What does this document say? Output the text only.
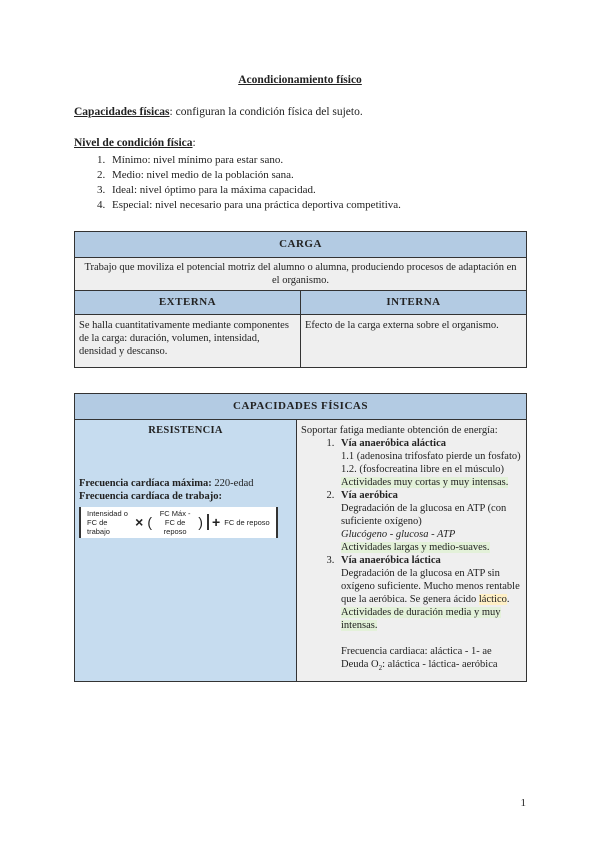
Acondicionamiento físico
Capacidades físicas: configuran la condición física del sujeto.
Nivel de condición física:
1. Mínimo: nivel mínimo para estar sano.
2. Medio: nivel medio de la población sana.
3. Ideal: nivel óptimo para la máxima capacidad.
4. Especial: nivel necesario para una práctica deportiva competitiva.
CARGA	
Trabajo que moviliza el potencial motriz del alumno o alumna, produciendo procesos de adaptación en el organismo.	
EXTERNA	INTERNA
Se halla cuantitativamente mediante componentes de la carga: duración, volumen, intensidad, densidad y descanso.	Efecto de la carga externa sobre el organismo.
CAPACIDADES FÍSICAS

RESISTENCIA
Frecuencia cardíaca máxima: 220-edad
Frecuencia cardíaca de trabajo:
Intensidad o FC de trabajo × ( FC Máx - FC de reposo ) + FC de reposo	
Soportar fatiga mediante obtención de energía:
1. Vía anaeróbica aláctica
1.1 (adenosina trifosfato pierde un fosfato)
1.2. (fosfocreatina libre en el músculo)
Actividades muy cortas y muy intensas.
2. Vía aeróbica
Degradación de la glucosa en ATP (con suficiente oxígeno)
Glucógeno - glucosa - ATP
Actividades largas y medio-suaves.
3. Vía anaeróbica láctica
Degradación de la glucosa en ATP sin oxígeno suficiente. Mucho menos rentable que la aeróbica. Se genera ácido láctico.
Actividades de duración media y muy intensas.
Frecuencia cardiaca: aláctica - 1- ae
Deuda $O_2$: aláctica - láctica- aeróbica
1
